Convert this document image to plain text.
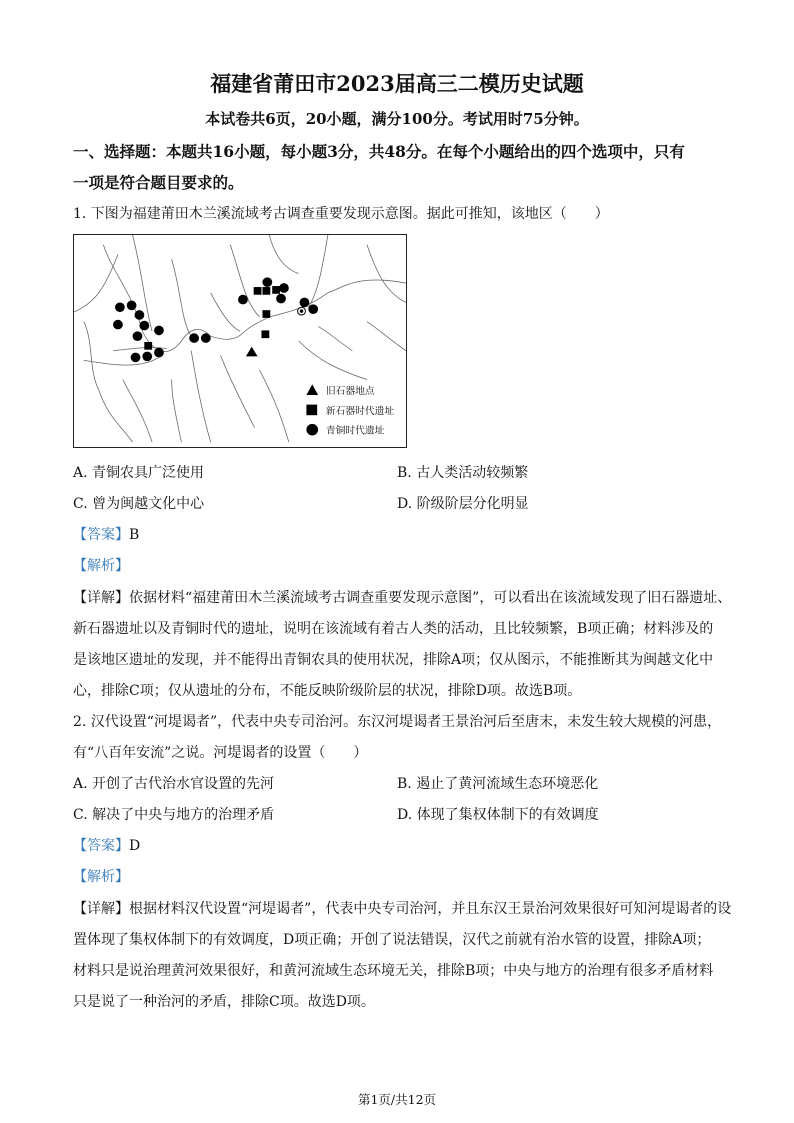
福建省莆田市2023届高三二模历史试题
本试卷共6页，20小题，满分100分。考试用时75分钟。
一、选择题：本题共16小题，每小题3分，共48分。在每个小题给出的四个选项中，只有
一项是符合题目要求的。
1. 下图为福建莆田木兰溪流域考古调查重要发现示意图。据此可推知，该地区（　　）
旧石器地点
新石器时代遗址
青铜时代遗址
A. 青铜农具广泛使用	B. 古人类活动较频繁
C. 曾为闽越文化中心	D. 阶级阶层分化明显
【答案】B
【解析】
【详解】依据材料“福建莆田木兰溪流域考古调查重要发现示意图”，可以看出在该流域发现了旧石器遗址、
新石器遗址以及青铜时代的遗址，说明在该流域有着古人类的活动，且比较频繁，B项正确；材料涉及的
是该地区遗址的发现，并不能得出青铜农具的使用状况，排除A项；仅从图示，不能推断其为闽越文化中
心，排除C项；仅从遗址的分布，不能反映阶级阶层的状况，排除D项。故选B项。
2. 汉代设置“河堤谒者”，代表中央专司治河。东汉河堤谒者王景治河后至唐末，未发生较大规模的河患，
有“八百年安流”之说。河堤谒者的设置（　　）
A. 开创了古代治水官设置的先河	B. 遏止了黄河流域生态环境恶化
C. 解决了中央与地方的治理矛盾	D. 体现了集权体制下的有效调度
【答案】D
【解析】
【详解】根据材料汉代设置“河堤谒者”，代表中央专司治河，并且东汉王景治河效果很好可知河堤谒者的设
置体现了集权体制下的有效调度，D项正确；开创了说法错误，汉代之前就有治水管的设置，排除A项；
材料只是说治理黄河效果很好，和黄河流域生态环境无关，排除B项；中央与地方的治理有很多矛盾材料
只是说了一种治河的矛盾，排除C项。故选D项。
第1页/共12页
